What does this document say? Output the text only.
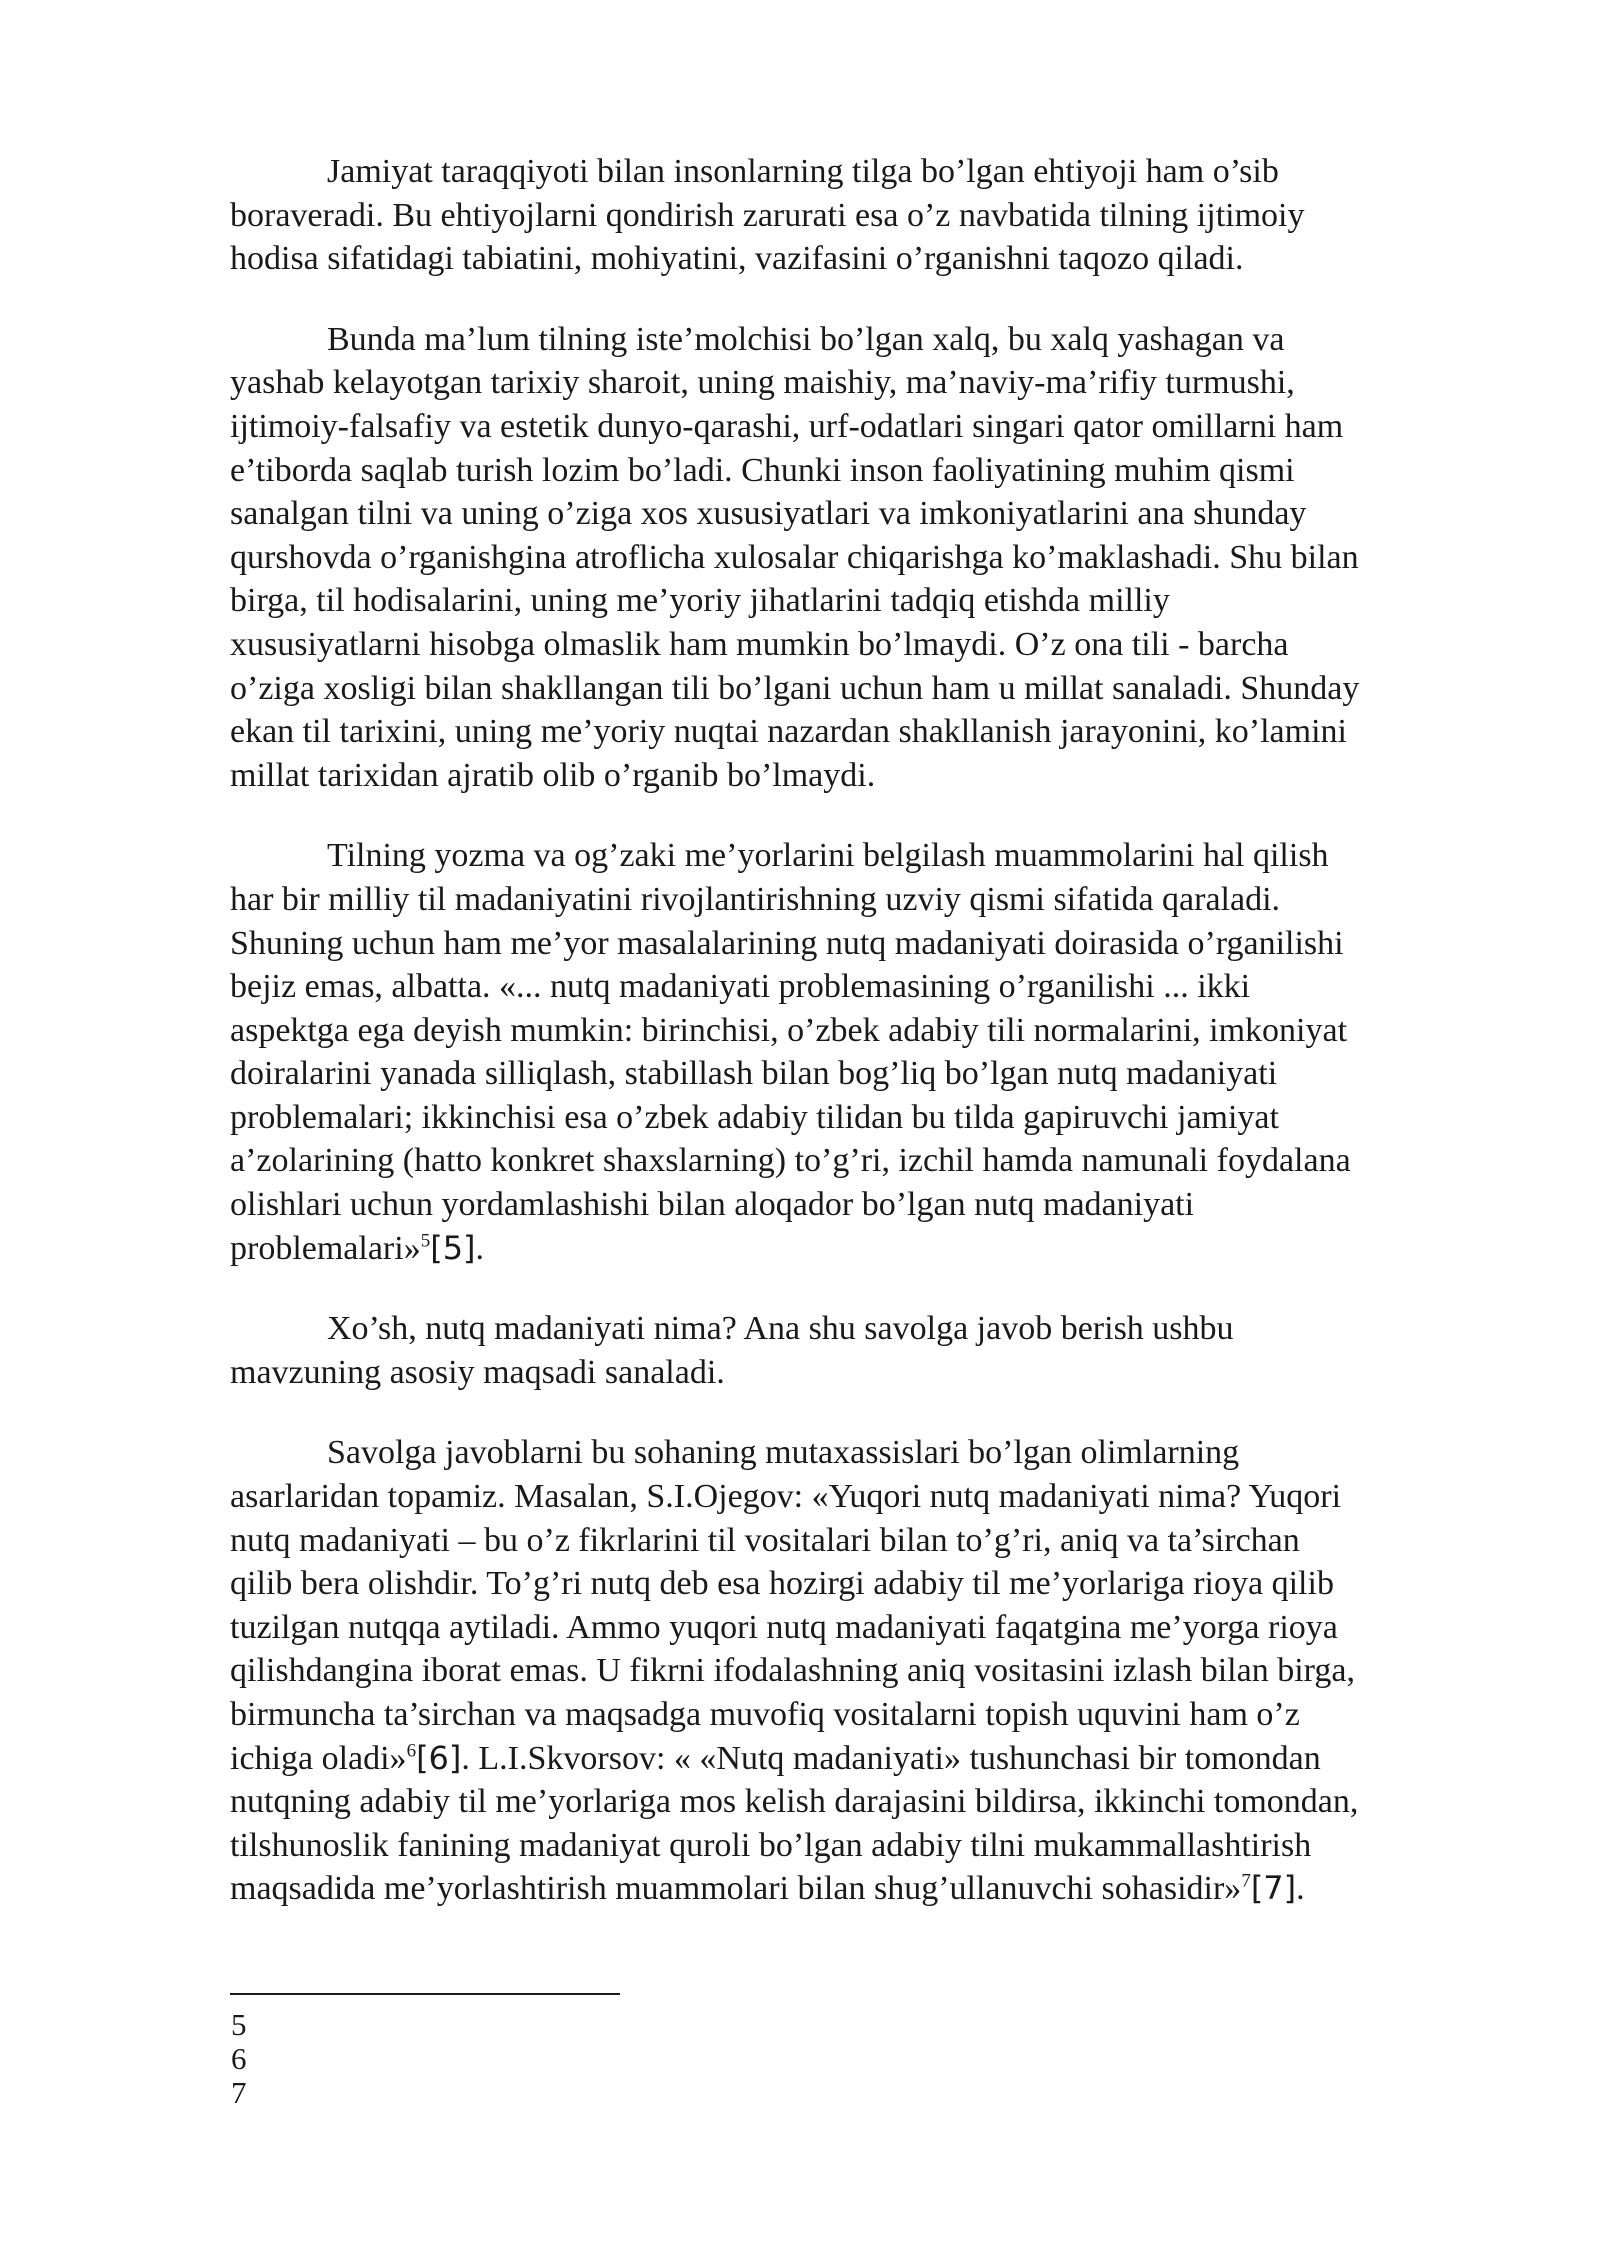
Jamiyat taraqqiyoti bilan insonlarning tilga bo’lgan ehtiyoji ham o’sib
boraveradi. Bu ehtiyojlarni qondirish zarurati esa o’z navbatida tilning ijtimoiy
hodisa sifatidagi tabiatini, mohiyatini, vazifasini o’rganishni taqozo qiladi.

Bunda ma’lum tilning iste’molchisi bo’lgan xalq, bu xalq yashagan va
yashab kelayotgan tarixiy sharoit, uning maishiy, ma’naviy-ma’rifiy turmushi,
ijtimoiy-falsafiy va estetik dunyo-qarashi, urf-odatlari singari qator omillarni ham
e’tiborda saqlab turish lozim bo’ladi. Chunki inson faoliyatining muhim qismi
sanalgan tilni va uning o’ziga xos xususiyatlari va imkoniyatlarini ana shunday
qurshovda o’rganishgina atroflicha xulosalar chiqarishga ko’maklashadi. Shu bilan
birga, til hodisalarini, uning me’yoriy jihatlarini tadqiq etishda milliy
xususiyatlarni hisobga olmaslik ham mumkin bo’lmaydi. O’z ona tili - barcha
o’ziga xosligi bilan shakllangan tili bo’lgani uchun ham u millat sanaladi. Shunday
ekan til tarixini, uning me’yoriy nuqtai nazardan shakllanish jarayonini, ko’lamini
millat tarixidan ajratib olib o’rganib bo’lmaydi.

Tilning yozma va og’zaki me’yorlarini belgilash muammolarini hal qilish
har bir milliy til madaniyatini rivojlantirishning uzviy qismi sifatida qaraladi.
Shuning uchun ham me’yor masalalarining nutq madaniyati doirasida o’rganilishi
bejiz emas, albatta. «... nutq madaniyati problemasining o’rganilishi ... ikki
aspektga ega deyish mumkin: birinchisi, o’zbek adabiy tili normalarini, imkoniyat
doiralarini yanada silliqlash, stabillash bilan bog’liq bo’lgan nutq madaniyati
problemalari; ikkinchisi esa o’zbek adabiy tilidan bu tilda gapiruvchi jamiyat
a’zolarining (hatto konkret shaxslarning) to’g’ri, izchil hamda namunali foydalana
olishlari uchun yordamlashishi bilan aloqador bo’lgan nutq madaniyati
problemalari»$^5$[5].

Xo’sh, nutq madaniyati nima? Ana shu savolga javob berish ushbu
mavzuning asosiy maqsadi sanaladi.

Savolga javoblarni bu sohaning mutaxassislari bo’lgan olimlarning
asarlaridan topamiz. Masalan, S.I.Ojegov: «Yuqori nutq madaniyati nima? Yuqori
nutq madaniyati – bu o’z fikrlarini til vositalari bilan to’g’ri, aniq va ta’sirchan
qilib bera olishdir. To’g’ri nutq deb esa hozirgi adabiy til me’yorlariga rioya qilib
tuzilgan nutqqa aytiladi. Ammo yuqori nutq madaniyati faqatgina me’yorga rioya
qilishdangina iborat emas. U fikrni ifodalashning aniq vositasini izlash bilan birga,
birmuncha ta’sirchan va maqsadga muvofiq vositalarni topish uquvini ham o’z
ichiga oladi»$^6$[6]. L.I.Skvorsov: « «Nutq madaniyati» tushunchasi bir tomondan
nutqning adabiy til me’yorlariga mos kelish darajasini bildirsa, ikkinchi tomondan,
tilshunoslik fanining madaniyat quroli bo’lgan adabiy tilni mukammallashtirish
maqsadida me’yorlashtirish muammolari bilan shug’ullanuvchi sohasidir»$^7$[7].

5
6
7
